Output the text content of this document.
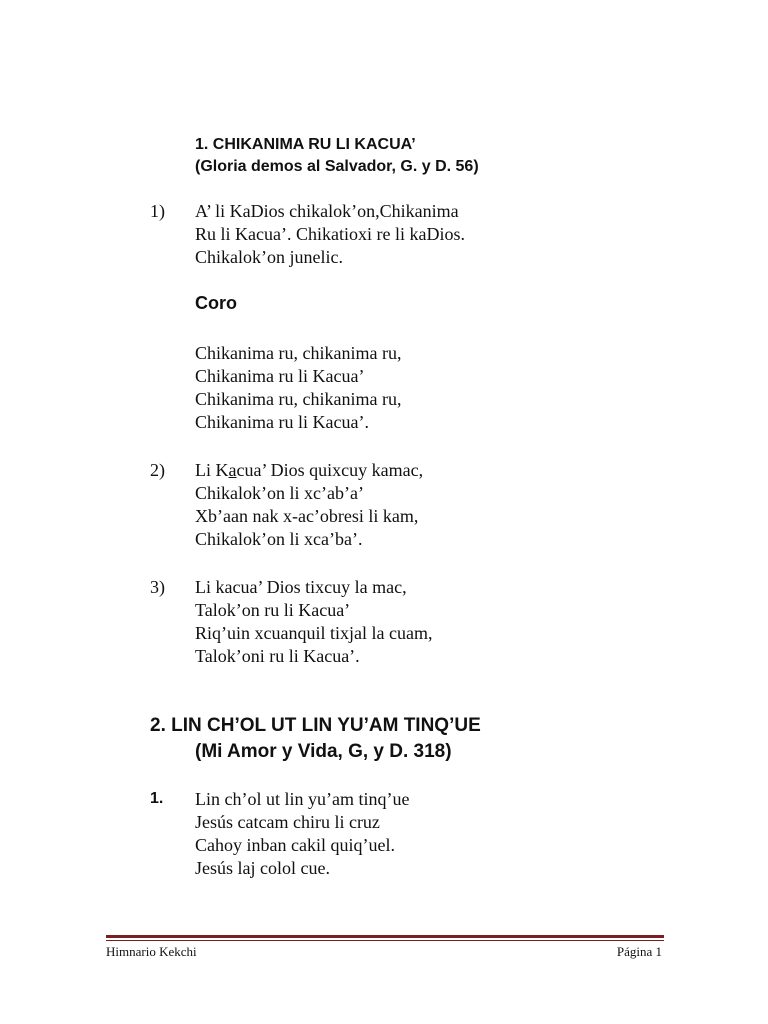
1. CHIKANIMA RU LI KACUA’
(Gloria demos al Salvador, G. y D. 56)
1) A’ li KaDios chikalok’on,Chikanima
Ru li Kacua’. Chikatioxi re li kaDios.
Chikalok’on junelic.
Coro
Chikanima ru, chikanima ru,
Chikanima ru li Kacua’
Chikanima ru, chikanima ru,
Chikanima ru li Kacua’.
2) Li Kacua’ Dios quixcuy kamac,
Chikalok’on li xc’ab’a’
Xb’aan nak x-ac’obresi li kam,
Chikalok’on li xca’ba’.
3) Li kacua’ Dios tixcuy la mac,
Talok’on ru li Kacua’
Riq’uin xcuanquil tixjal la cuam,
Talok’oni ru li Kacua’.
2. LIN CH’OL UT LIN YU’AM TINQ’UE
(Mi Amor y Vida, G, y D. 318)
1. Lin ch’ol ut lin yu’am tinq’ue
Jesús catcam chiru li cruz
Cahoy inban cakil quiq’uel.
Jesús laj colol cue.
Himnario Kekchi	Página 1
